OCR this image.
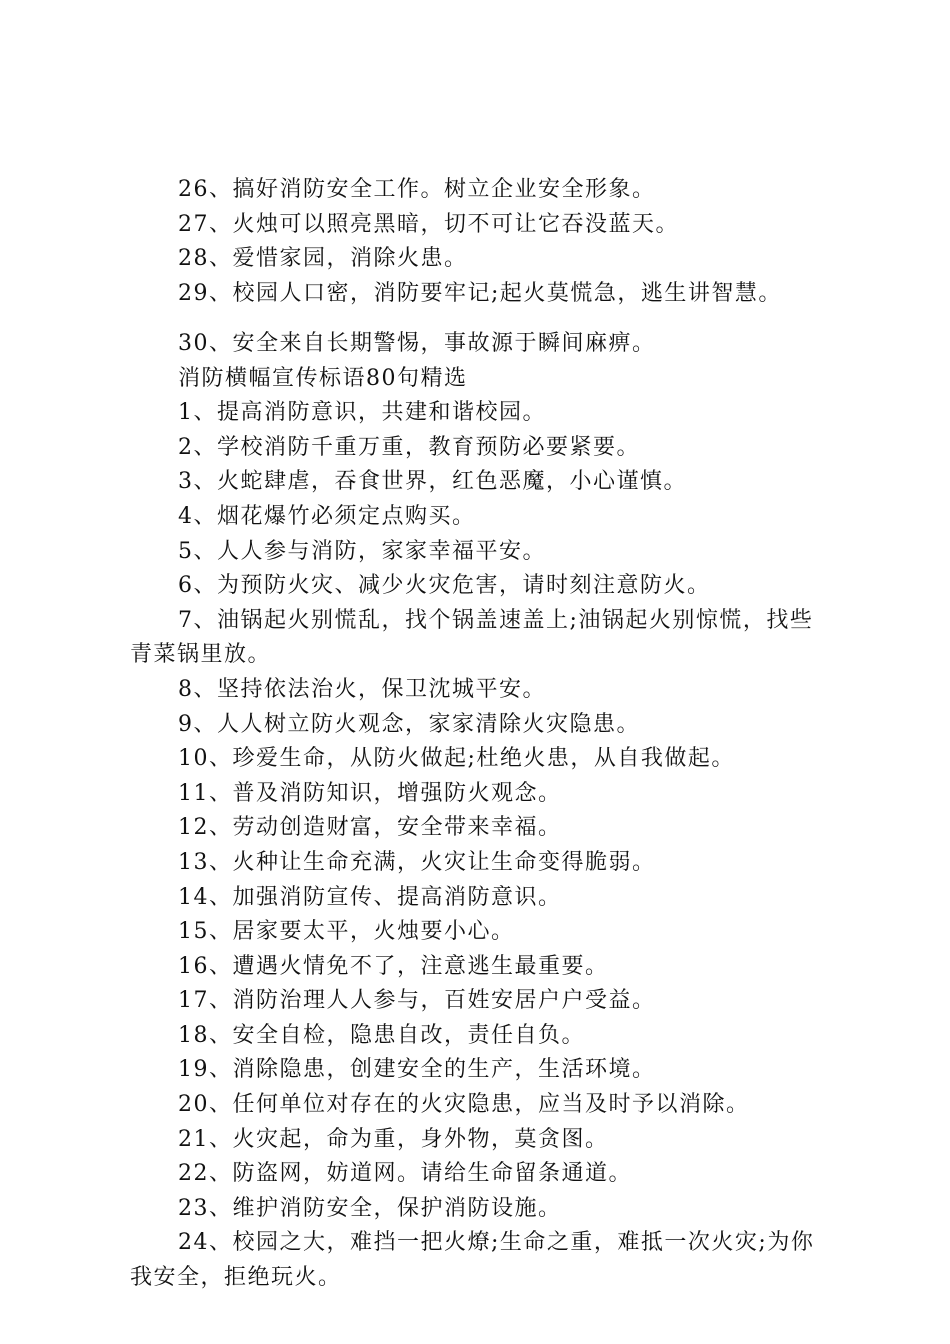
26、搞好消防安全工作。树立企业安全形象。

27、火烛可以照亮黑暗，切不可让它吞没蓝天。

28、爱惜家园，消除火患。

29、校园人口密，消防要牢记;起火莫慌急，逃生讲智慧。

30、安全来自长期警惕，事故源于瞬间麻痹。

消防横幅宣传标语80句精选

1、提高消防意识，共建和谐校园。

2、学校消防千重万重，教育预防必要紧要。

3、火蛇肆虐，吞食世界，红色恶魔，小心谨慎。

4、烟花爆竹必须定点购买。

5、人人参与消防，家家幸福平安。

6、为预防火灾、减少火灾危害，请时刻注意防火。

7、油锅起火别慌乱，找个锅盖速盖上;油锅起火别惊慌，找些青菜锅里放。

8、坚持依法治火，保卫沈城平安。

9、人人树立防火观念，家家清除火灾隐患。

10、珍爱生命，从防火做起;杜绝火患，从自我做起。

11、普及消防知识，增强防火观念。

12、劳动创造财富，安全带来幸福。

13、火种让生命充满，火灾让生命变得脆弱。

14、加强消防宣传、提高消防意识。

15、居家要太平，火烛要小心。

16、遭遇火情免不了，注意逃生最重要。

17、消防治理人人参与，百姓安居户户受益。

18、安全自检，隐患自改，责任自负。

19、消除隐患，创建安全的生产，生活环境。

20、任何单位对存在的火灾隐患，应当及时予以消除。

21、火灾起，命为重，身外物，莫贪图。

22、防盗网，妨道网。请给生命留条通道。

23、维护消防安全，保护消防设施。

24、校园之大，难挡一把火燎;生命之重，难抵一次火灾;为你我安全，拒绝玩火。
